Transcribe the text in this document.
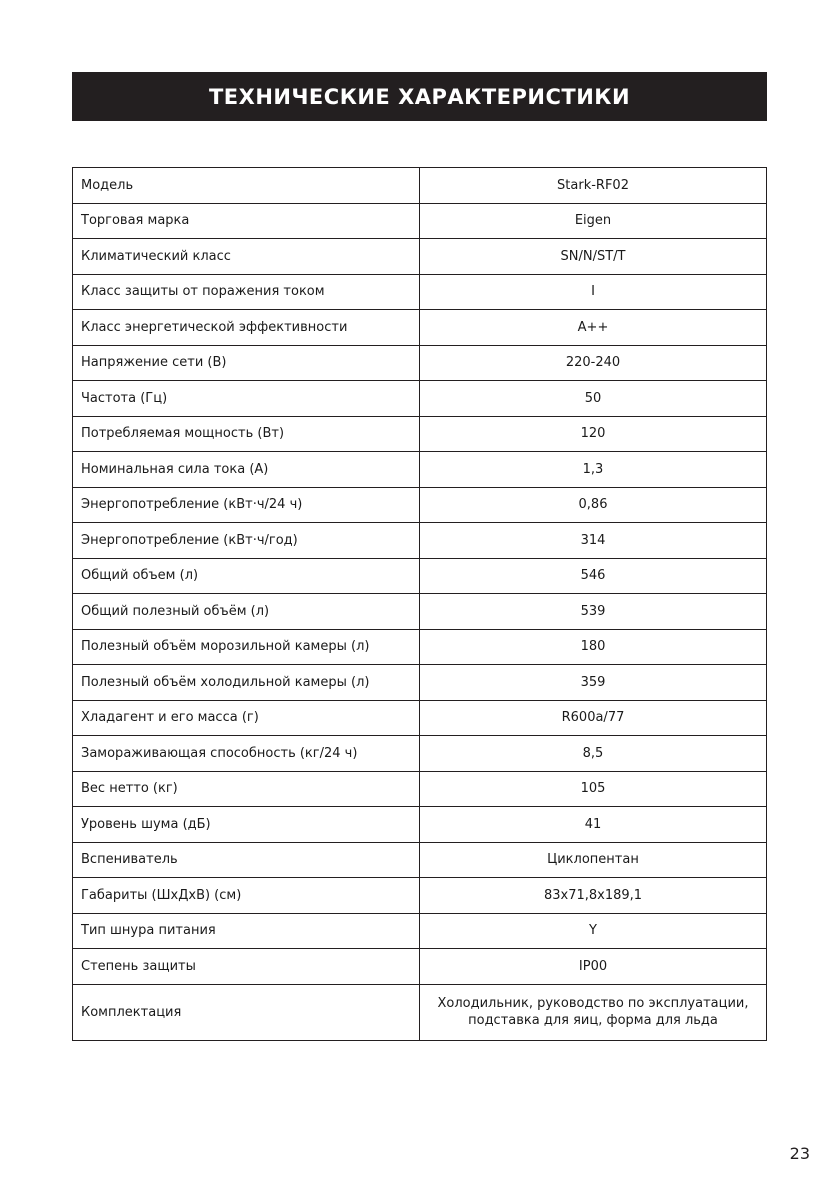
ТЕХНИЧЕСКИЕ ХАРАКТЕРИСТИКИ
Модель	Stark-RF02
Торговая марка	Eigen
Климатический класс	SN/N/ST/T
Класс защиты от поражения током	I
Класс энергетической эффективности	A++
Напряжение сети (В)	220-240
Частота (Гц)	50
Потребляемая мощность (Вт)	120
Номинальная сила тока (А)	1,3
Энергопотребление (кВт·ч/24 ч)	0,86
Энергопотребление (кВт·ч/год)	314
Общий объем (л)	546
Общий полезный объём (л)	539
Полезный объём морозильной камеры (л)	180
Полезный объём холодильной камеры (л)	359
Хладагент и его масса (г)	R600a/77
Замораживающая способность (кг/24 ч)	8,5
Вес нетто (кг)	105
Уровень шума (дБ)	41
Вспениватель	Циклопентан
Габариты (ШхДхВ) (см)	83х71,8х189,1
Тип шнура питания	Y
Степень защиты	IP00
Комплектация	Холодильник, руководство по эксплуатации,
подставка для яиц, форма для льда
23
